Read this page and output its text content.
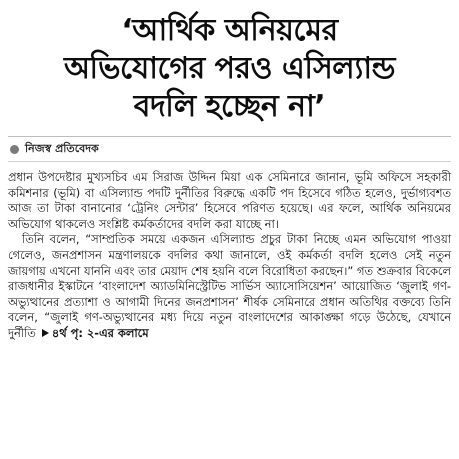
‘আর্থিক অনিয়মের
অভিযোগের পরও এসিল্যান্ড
বদলি হচ্ছেন না’
নিজস্ব প্রতিবেদক

প্রধান উপদেষ্টার মুখ্যসচিব এম সিরাজ উদ্দিন মিয়া এক সেমিনারে জানান, ভূমি অফিসে সহকারী কমিশনার (ভূমি) বা এসিল্যান্ড পদটি দুর্নীতির বিরুদ্ধে একটি পদ হিসেবে গঠিত হলেও, দুর্ভাগ্যবশত আজ তা টাকা বানানোর ‘ট্রেনিং সেন্টার’ হিসেবে পরিণত হয়েছে। এর ফলে, আর্থিক অনিয়মের অভিযোগ থাকলেও সংশ্লিষ্ট কর্মকর্তাদের বদলি করা যাচ্ছে না।

তিনি বলেন, “সাম্প্রতিক সময়ে একজন এসিল্যান্ড প্রচুর টাকা নিচ্ছে এমন অভিযোগ পাওয়া গেলেও, জনপ্রশাসন মন্ত্রণালয়কে বদলির কথা জানালে, ওই কর্মকর্তা বদলি হলেও সেই নতুন জায়গায় এখনো যাননি এবং তার মেয়াদ শেষ হয়নি বলে বিরোধিতা করছেন।” গত শুক্রবার বিকেলে রাজধানীর ইস্কাটনে ‘বাংলাদেশ অ্যাডমিনিস্ট্রেটিভ সার্ভিস অ্যাসোসিয়েশন’ আয়োজিত ‘জুলাই গণ-অভ্যুত্থানের প্রত্যাশা ও আগামী দিনের জনপ্রশাসন’ শীর্ষক সেমিনারে প্রধান অতিথির বক্তব্যে তিনি বলেন, “জুলাই গণ-অভ্যুত্থানের মধ্য দিয়ে নতুন বাংলাদেশের আকাঙ্ক্ষা গড়ে উঠেছে, যেখানে দুর্নীতি ৪র্থ পৃ: ২-এর কলামে
